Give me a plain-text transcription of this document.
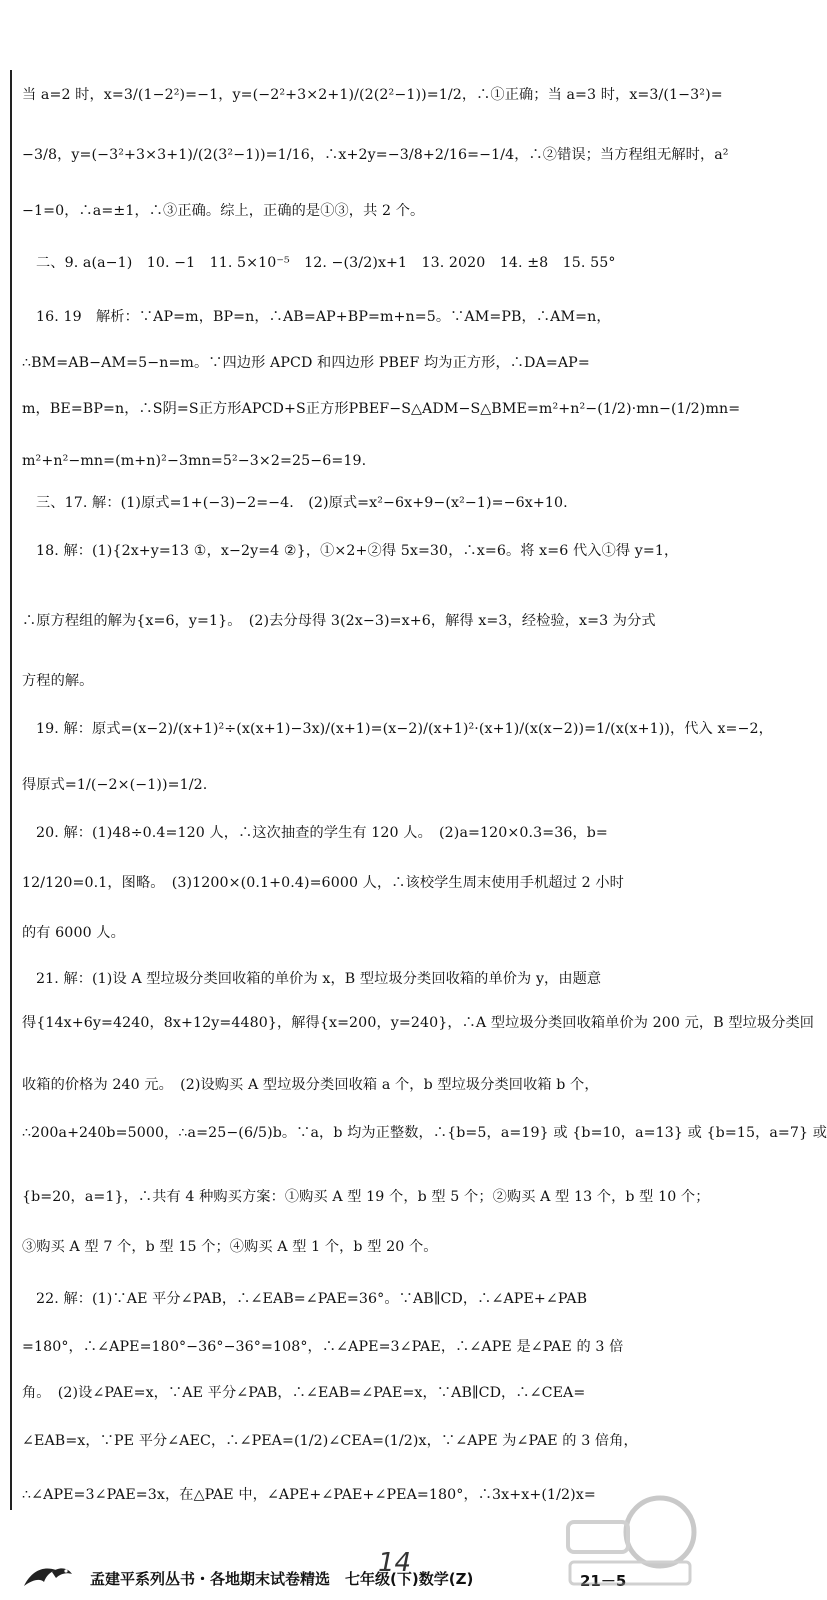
当 a=2 时，x=3/(1−2²)=−1，y=(−2²+3×2+1)/(2(2²−1))=1/2，∴①正确；当 a=3 时，x=3/(1−3²)=
−3/8，y=(−3²+3×3+1)/(2(3²−1))=1/16，∴x+2y=−3/8+2/16=−1/4，∴②错误；当方程组无解时，a²
−1=0，∴a=±1，∴③正确。综上，正确的是①③，共 2 个。
二、9. a(a−1)　10. −1　11. 5×10⁻⁵　12. −(3/2)x+1　13. 2020　14. ±8　15. 55°
16. 19　解析：∵AP=m，BP=n，∴AB=AP+BP=m+n=5。∵AM=PB，∴AM=n，
∴BM=AB−AM=5−n=m。∵四边形 APCD 和四边形 PBEF 均为正方形，∴DA=AP=
m，BE=BP=n，∴S阴=S正方形APCD+S正方形PBEF−S△ADM−S△BME=m²+n²−(1/2)·mn−(1/2)mn=
m²+n²−mn=(m+n)²−3mn=5²−3×2=25−6=19.
三、17. 解：(1)原式=1+(−3)−2=−4.　(2)原式=x²−6x+9−(x²−1)=−6x+10.
18. 解：(1){2x+y=13 ①，x−2y=4 ②}，①×2+②得 5x=30，∴x=6。将 x=6 代入①得 y=1，
∴原方程组的解为{x=6，y=1}。　(2)去分母得 3(2x−3)=x+6，解得 x=3，经检验，x=3 为分式
方程的解。
19. 解：原式=(x−2)/(x+1)²÷(x(x+1)−3x)/(x+1)=(x−2)/(x+1)²·(x+1)/(x(x−2))=1/(x(x+1))，代入 x=−2，
得原式=1/(−2×(−1))=1/2.
20. 解：(1)48÷0.4=120 人，∴这次抽查的学生有 120 人。　(2)a=120×0.3=36，b=
12/120=0.1，图略。　(3)1200×(0.1+0.4)=6000 人，∴该校学生周末使用手机超过 2 小时
的有 6000 人。
21. 解：(1)设 A 型垃圾分类回收箱的单价为 x，B 型垃圾分类回收箱的单价为 y，由题意
得{14x+6y=4240，8x+12y=4480}，解得{x=200，y=240}，∴A 型垃圾分类回收箱单价为 200 元，B 型垃圾分类回
收箱的价格为 240 元。　(2)设购买 A 型垃圾分类回收箱 a 个，b 型垃圾分类回收箱 b 个，
∴200a+240b=5000，∴a=25−(6/5)b。∵a，b 均为正整数，∴{b=5，a=19} 或 {b=10，a=13} 或 {b=15，a=7} 或
{b=20，a=1}，∴共有 4 种购买方案：①购买 A 型 19 个，b 型 5 个；②购买 A 型 13 个，b 型 10 个；
③购买 A 型 7 个，b 型 15 个；④购买 A 型 1 个，b 型 20 个。
22. 解：(1)∵AE 平分∠PAB，∴∠EAB=∠PAE=36°。∵AB∥CD，∴∠APE+∠PAB
=180°，∴∠APE=180°−36°−36°=108°，∴∠APE=3∠PAE，∴∠APE 是∠PAE 的 3 倍
角。　(2)设∠PAE=x，∵AE 平分∠PAB，∴∠EAB=∠PAE=x，∵AB∥CD，∴∠CEA=
∠EAB=x，∵PE 平分∠AEC，∴∠PEA=(1/2)∠CEA=(1/2)x，∵∠APE 为∠PAE 的 3 倍角，
∴∠APE=3∠PAE=3x，在△PAE 中，∠APE+∠PAE+∠PEA=180°，∴3x+x+(1/2)x=
14
孟建平系列丛书・各地期末试卷精选　七年级(下)数学(Z)	21－5
